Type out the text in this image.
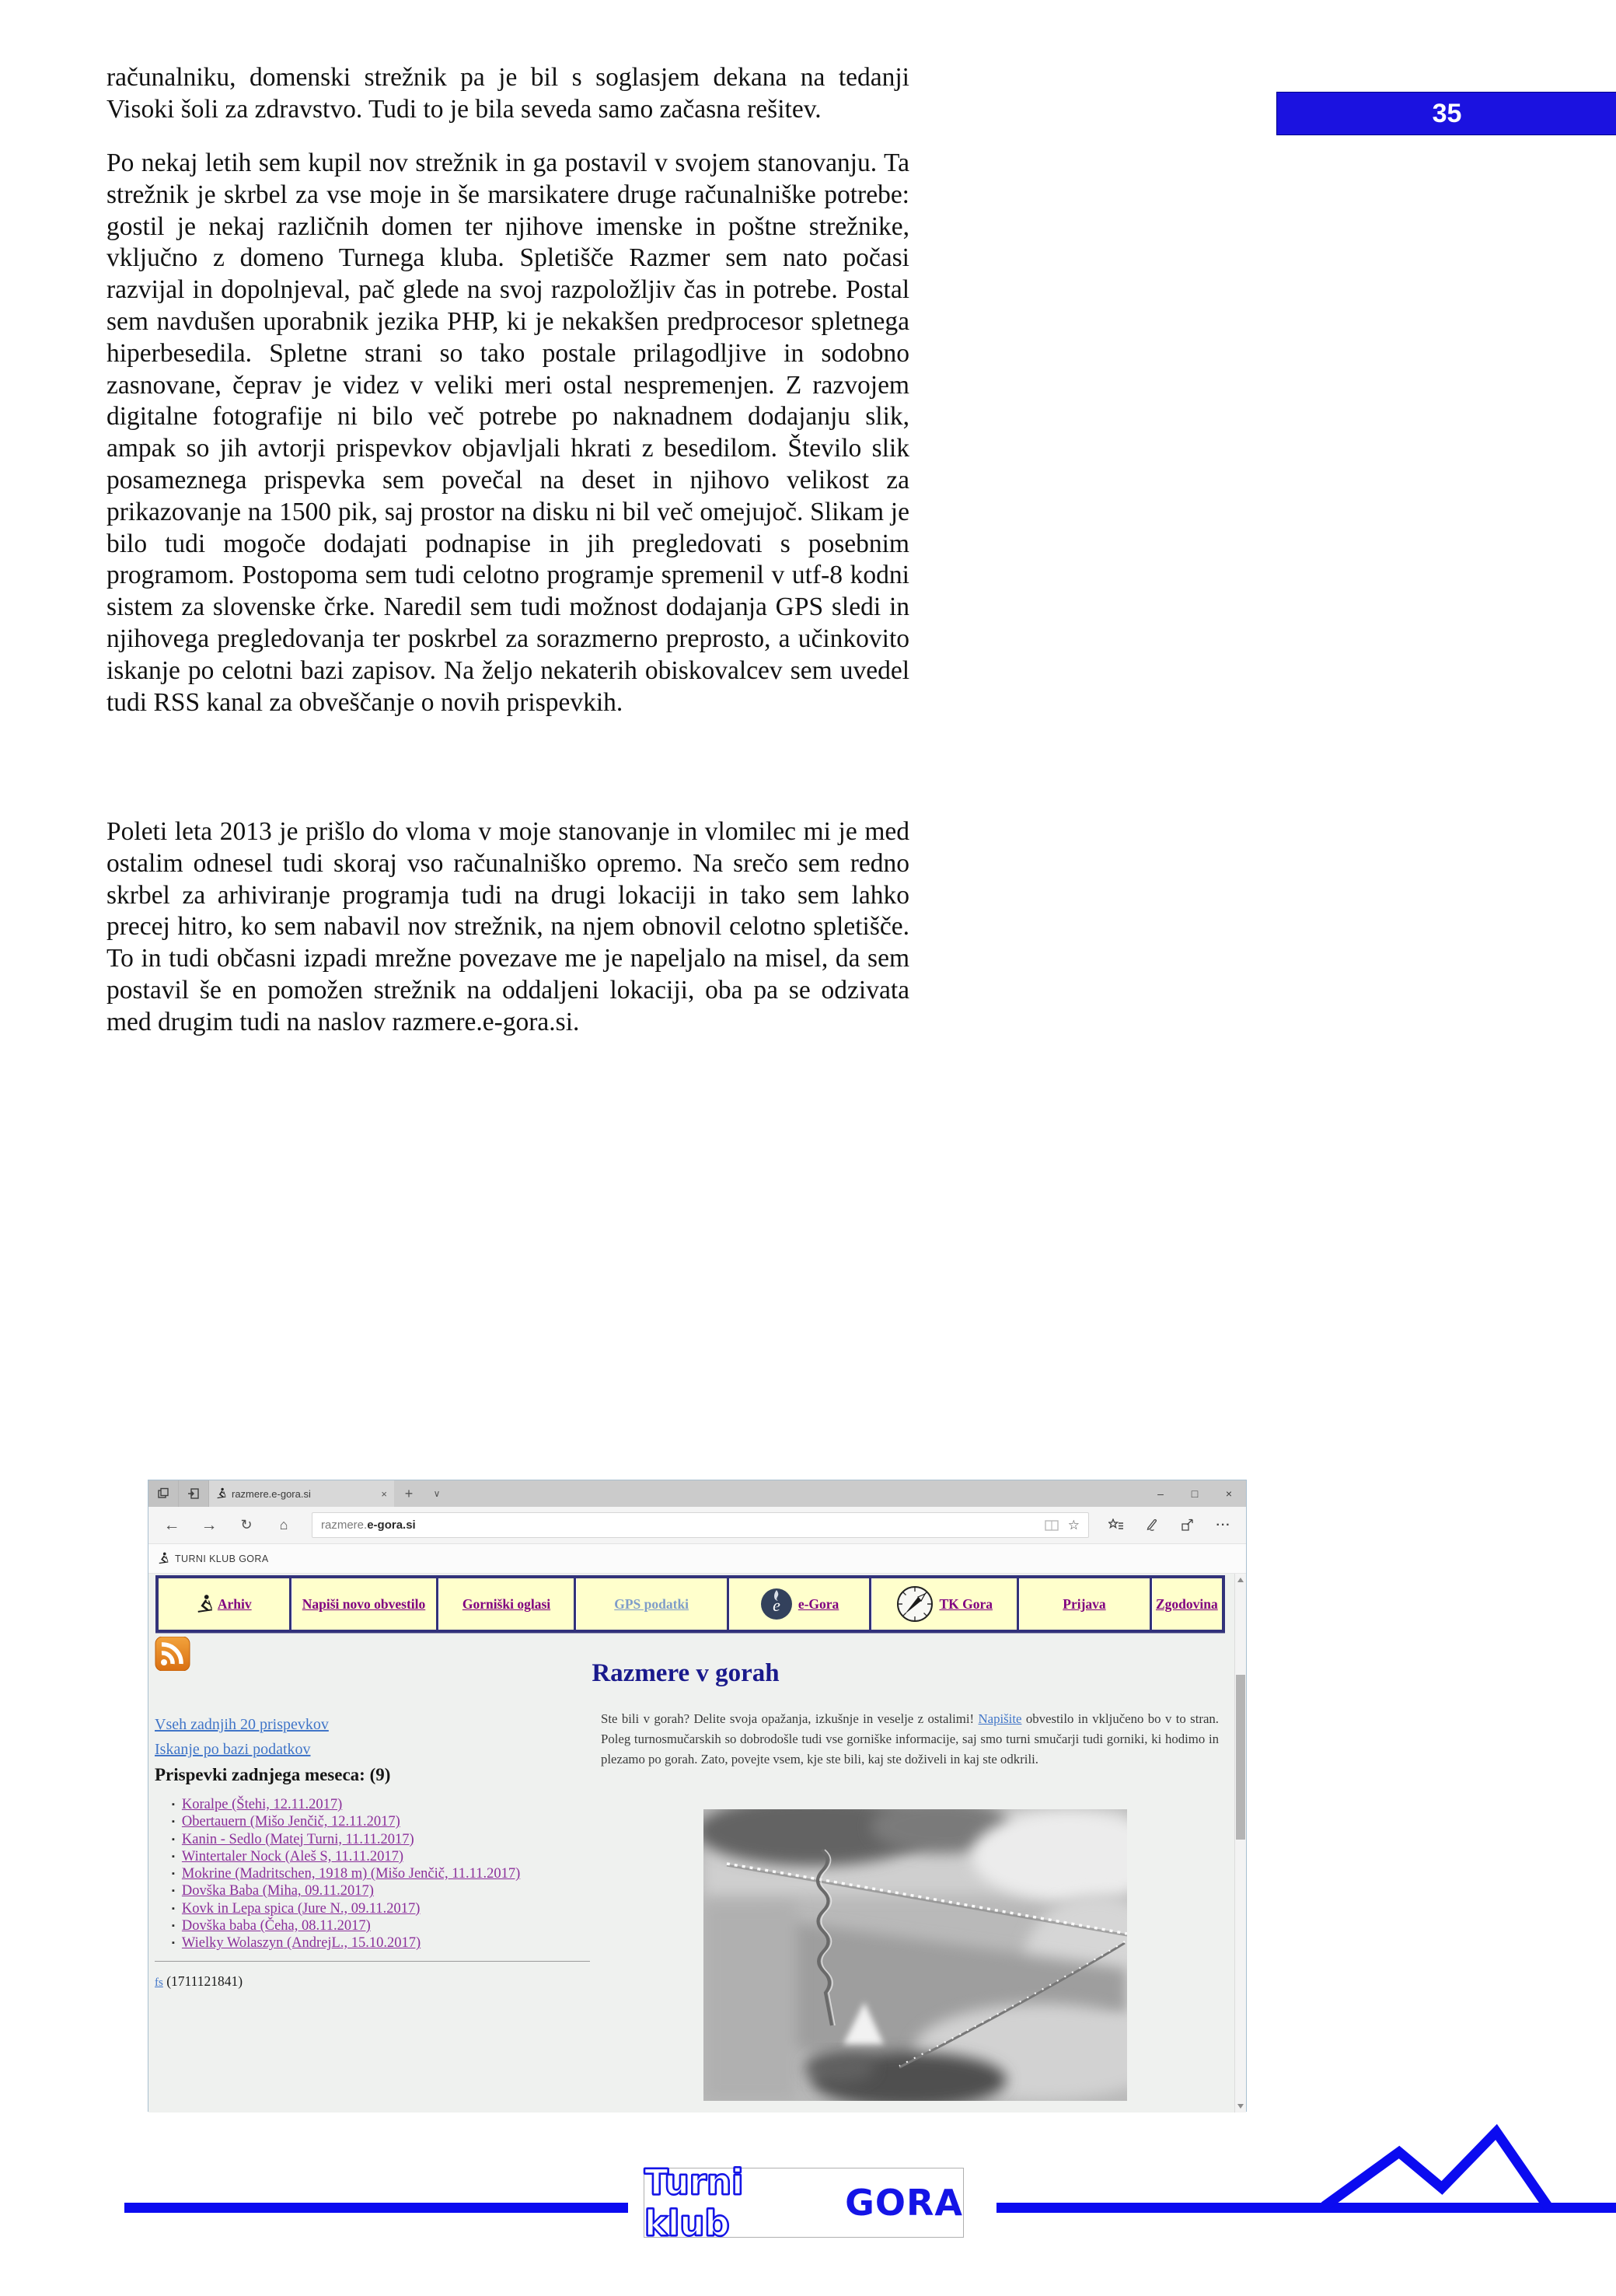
35
računalniku, domenski strežnik pa je bil s soglasjem dekana na tedanji Visoki šoli za zdravstvo. Tudi to je bila seveda samo začasna rešitev.
Po nekaj letih sem kupil nov strežnik in ga postavil v svojem stanovanju. Ta strežnik je skrbel za vse moje in še marsikatere druge računalniške potrebe: gostil je nekaj različnih domen ter njihove imenske in poštne strežnike, vključno z domeno Turnega kluba. Spletišče Razmer sem nato počasi razvijal in dopolnjeval, pač glede na svoj razpoložljiv čas in potrebe. Postal sem navdušen uporabnik jezika PHP, ki je nekakšen predprocesor spletnega hiperbesedila. Spletne strani so tako postale prilagodljive in sodobno zasnovane, čeprav je videz v veliki meri ostal nespremenjen. Z razvojem digitalne fotografije ni bilo več potrebe po naknadnem dodajanju slik, ampak so jih avtorji prispevkov objavljali hkrati z besedilom. Število slik posameznega prispevka sem povečal na deset in njihovo velikost za prikazovanje na 1500 pik, saj prostor na disku ni bil več omejujoč. Slikam je bilo tudi mogoče dodajati podnapise in jih pregledovati s posebnim programom. Postopoma sem tudi celotno programje spremenil v utf-8 kodni sistem za slovenske črke. Naredil sem tudi možnost dodajanja GPS sledi in njihovega pregledovanja ter poskrbel za sorazmerno preprosto, a učinkovito iskanje po celotni bazi zapisov. Na željo nekaterih obiskovalcev sem uvedel tudi RSS kanal za obveščanje o novih prispevkih.
Poleti leta 2013 je prišlo do vloma v moje stanovanje in vlomilec mi je med ostalim odnesel tudi skoraj vso računalniško opremo. Na srečo sem redno skrbel za arhiviranje programja tudi na drugi lokaciji in tako sem lahko precej hitro, ko sem nabavil nov strežnik, na njem obnovil celotno spletišče. To in tudi občasni izpadi mrežne povezave me je napeljalo na misel, da sem postavil še en pomožen strežnik na oddaljeni lokaciji, oba pa se odzivata med drugim tudi na naslov razmere.e-gora.si.
razmere.e-gora.si	×	+	∨	–	□	×
←	→	↻	⌂	razmere. e-gora.si	☆	···
TURNI KLUB GORA
Arhiv	Napiši novo obvestilo	Gorniški oglasi	GPS podatki	e e-Gora	TK Gora	Prijava	Zgodovina
Razmere v gorah
Vseh zadnjih 20 prispevkov
Iskanje po bazi podatkov
Ste bili v gorah? Delite svoja opažanja, izkušnje in veselje z ostalimi! Napišite obvestilo in vključeno bo v to stran. Poleg turnosmučarskih so dobrodošle tudi vse gorniške informacije, saj smo turni smučarji tudi gorniki, ki hodimo in plezamo po gorah. Zato, povejte vsem, kje ste bili, kaj ste doživeli in kaj ste odkrili.
Prispevki zadnjega meseca: (9)
▪ Koralpe (Štehi, 12.11.2017)
▪ Obertauern (Mišo Jenčič, 12.11.2017)
▪ Kanin - Sedlo (Matej Turni, 11.11.2017)
▪ Wintertaler Nock (Aleš S, 11.11.2017)
▪ Mokrine (Madritschen, 1918 m) (Mišo Jenčič, 11.11.2017)
▪ Dovška Baba (Miha, 09.11.2017)
▪ Kovk in Lepa spica (Jure N., 09.11.2017)
▪ Dovška baba (Čeha, 08.11.2017)
▪ Wielky Wolaszyn (AndrejL., 15.10.2017)
fs (1711121841)
Turni klub	GORA
